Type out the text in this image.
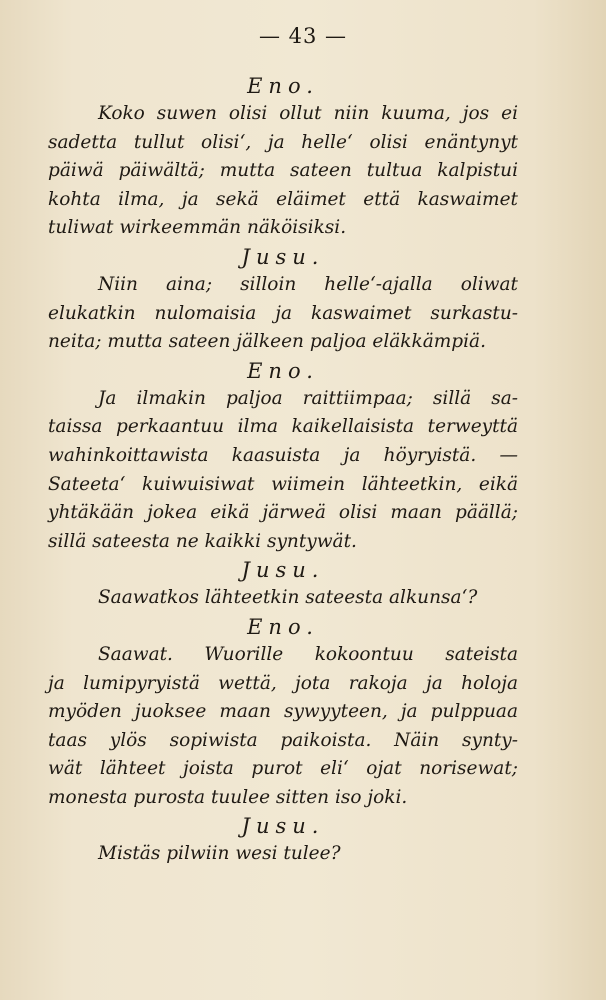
— 43 —

Eno.

Koko suwen olisi ollut niin kuuma, jos ei
sadetta tullut olisi‘, ja helle‘ olisi enäntynyt
päiwä päiwältä; mutta sateen tultua kalpistui
kohta ilma, ja sekä eläimet että kaswaimet
tuliwat wirkeemmän näköisiksi.

Jusu.

Niin aina; silloin helle‘-ajalla oliwat
elukatkin nulomaisia ja kaswaimet surkastu-
neita; mutta sateen jälkeen paljoa eläkkämpiä.

Eno.

Ja ilmakin paljoa raittiimpaa; sillä sa-
taissa perkaantuu ilma kaikellaisista terweyttä
wahinkoittawista kaasuista ja höyryistä. —
Sateeta‘ kuiwuisiwat wiimein lähteetkin, eikä
yhtäkään jokea eikä järweä olisi maan päällä;
sillä sateesta ne kaikki syntywät.

Jusu.

Saawatkos lähteetkin sateesta alkunsa‘?

Eno.

Saawat. Wuorille kokoontuu sateista
ja lumipyryistä wettä, jota rakoja ja holoja
myöden juoksee maan sywyyteen, ja pulppuaa
taas ylös sopiwista paikoista. Näin synty-
wät lähteet joista purot eli‘ ojat norisewat;
monesta purosta tuulee sitten iso joki.

Jusu.

Mistäs pilwiin wesi tulee?
